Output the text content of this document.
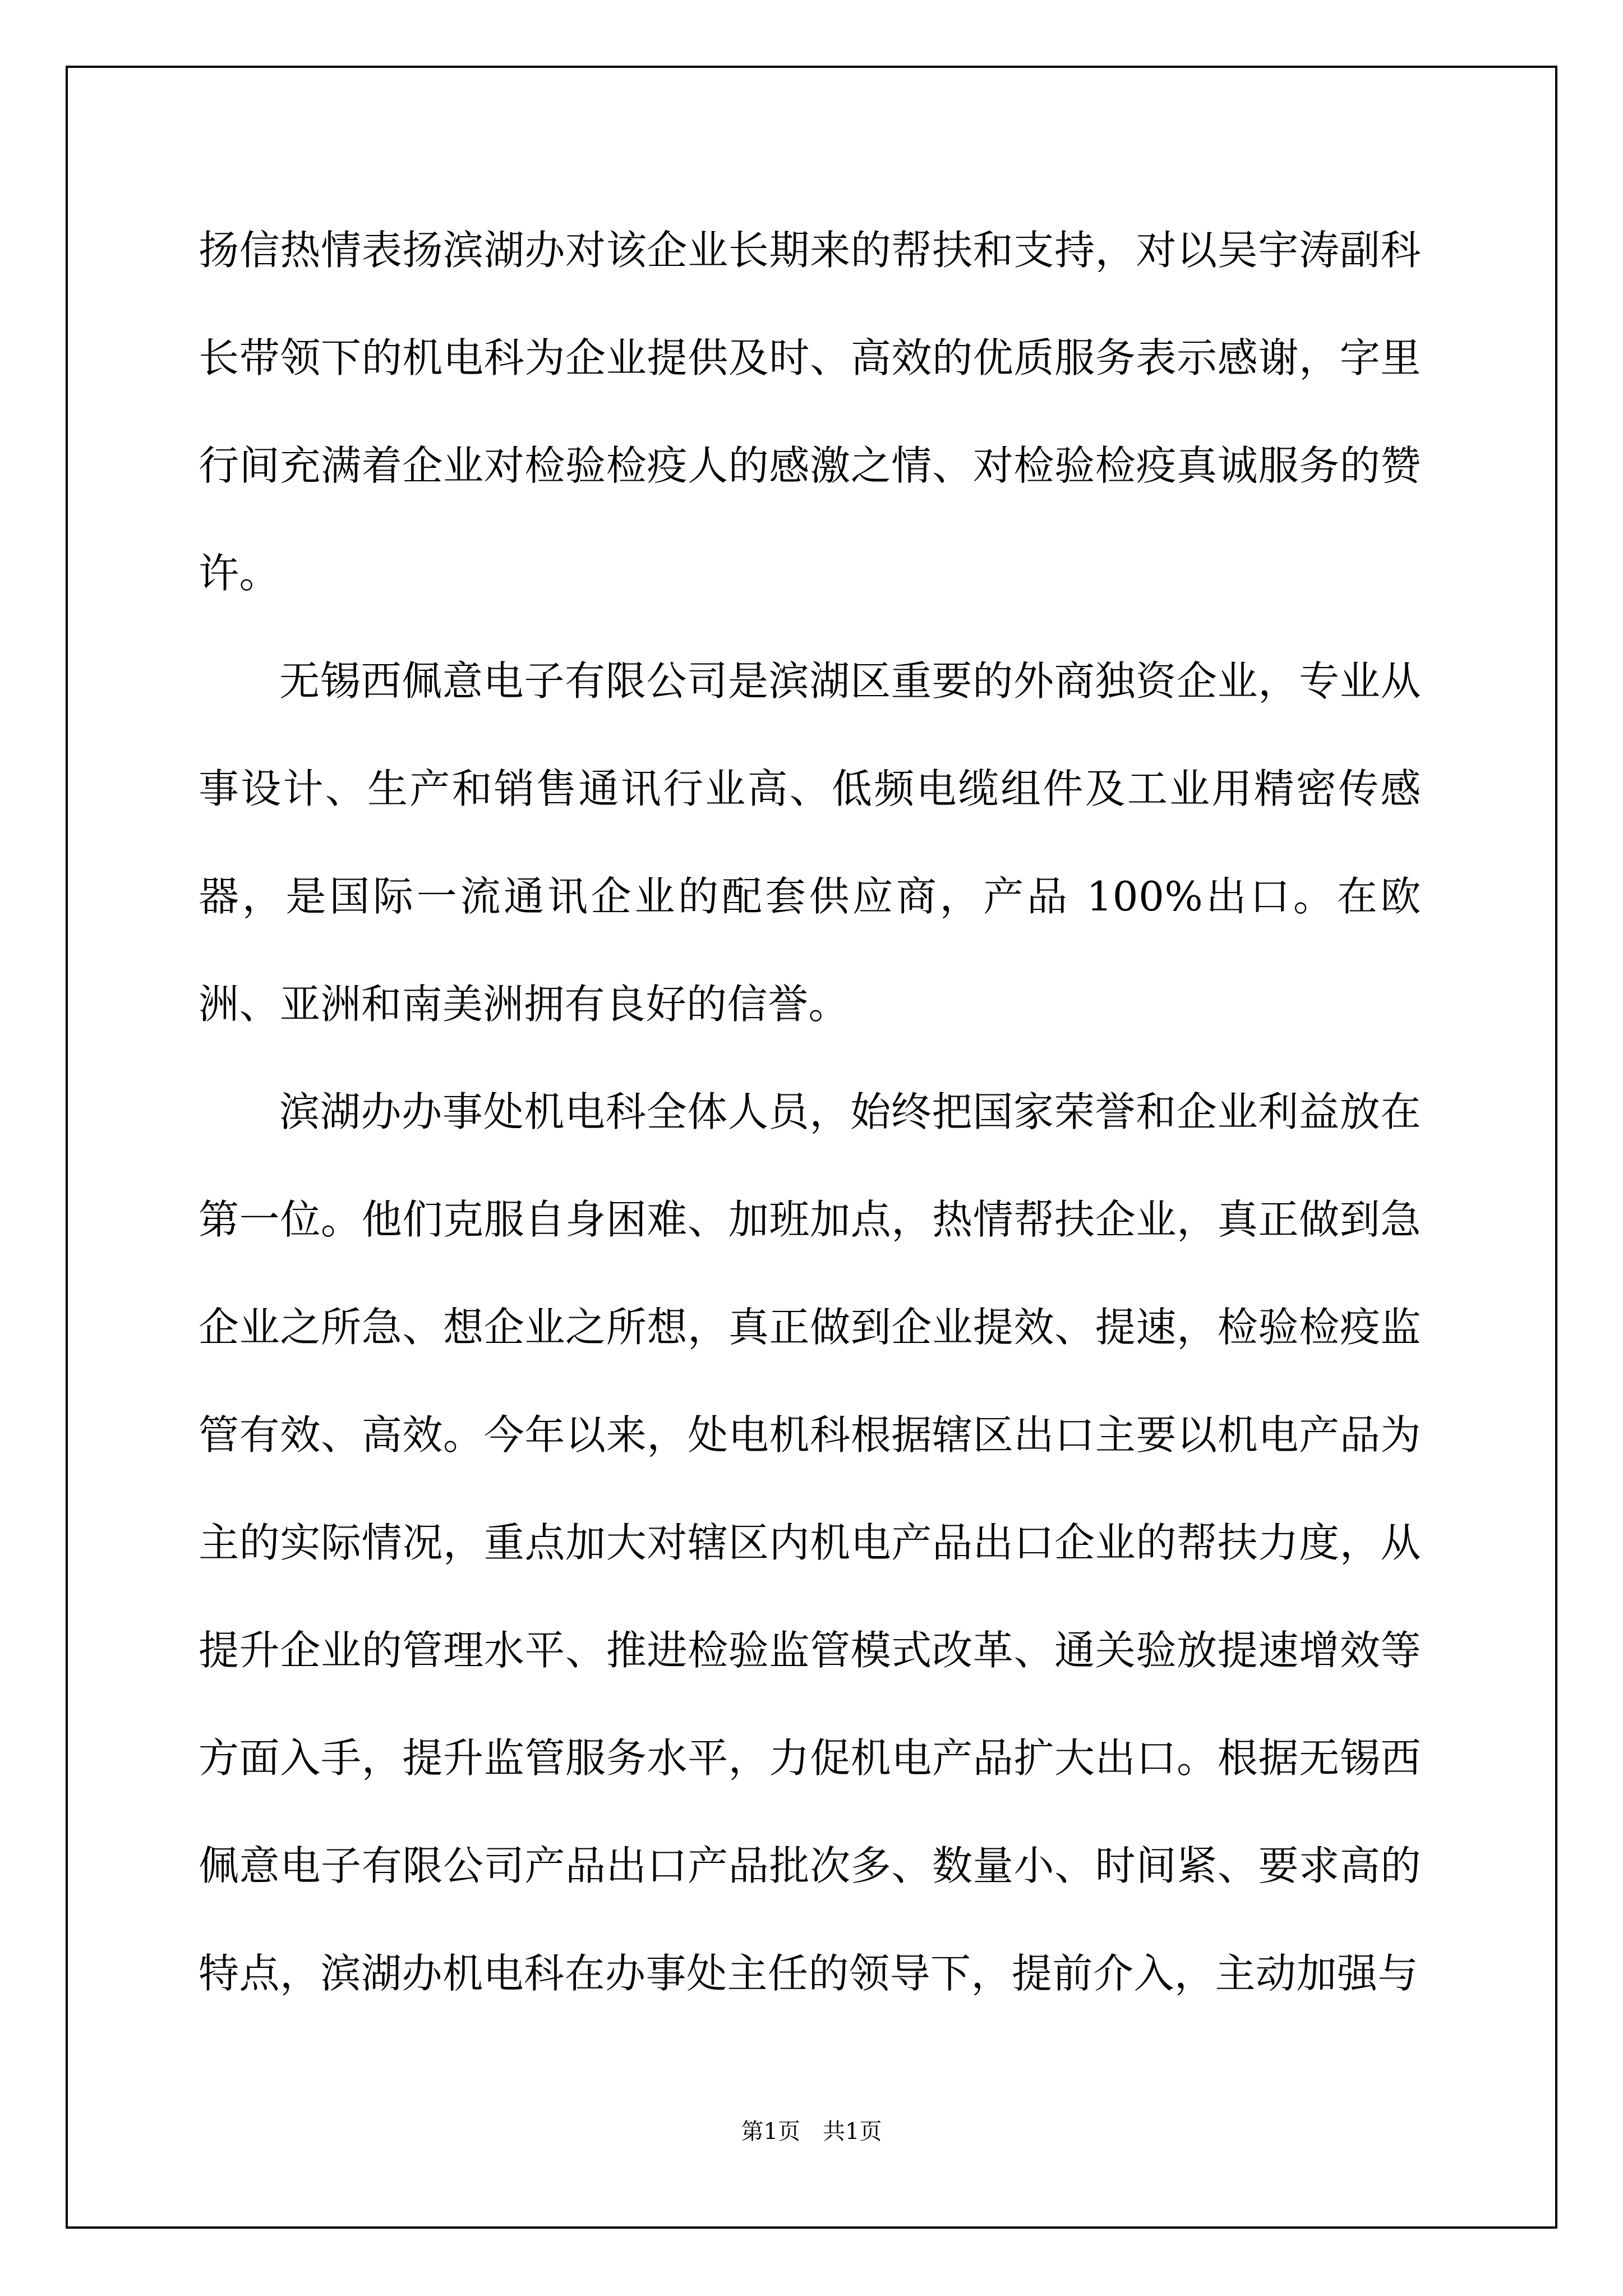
扬信热情表扬滨湖办对该企业长期来的帮扶和支持，对以吴宇涛副科长带领下的机电科为企业提供及时、高效的优质服务表示感谢，字里行间充满着企业对检验检疫人的感激之情、对检验检疫真诚服务的赞许。

无锡西佩意电子有限公司是滨湖区重要的外商独资企业，专业从事设计、生产和销售通讯行业高、低频电缆组件及工业用精密传感器，是国际一流通讯企业的配套供应商，产品 100%出口。在欧洲、亚洲和南美洲拥有良好的信誉。

滨湖办办事处机电科全体人员，始终把国家荣誉和企业利益放在第一位。他们克服自身困难、加班加点，热情帮扶企业，真正做到急企业之所急、想企业之所想，真正做到企业提效、提速，检验检疫监管有效、高效。今年以来，处电机科根据辖区出口主要以机电产品为主的实际情况，重点加大对辖区内机电产品出口企业的帮扶力度，从提升企业的管理水平、推进检验监管模式改革、通关验放提速增效等方面入手，提升监管服务水平，力促机电产品扩大出口。根据无锡西佩意电子有限公司产品出口产品批次多、数量小、时间紧、要求高的特点，滨湖办机电科在办事处主任的领导下，提前介入，主动加强与

第1页　共1页
